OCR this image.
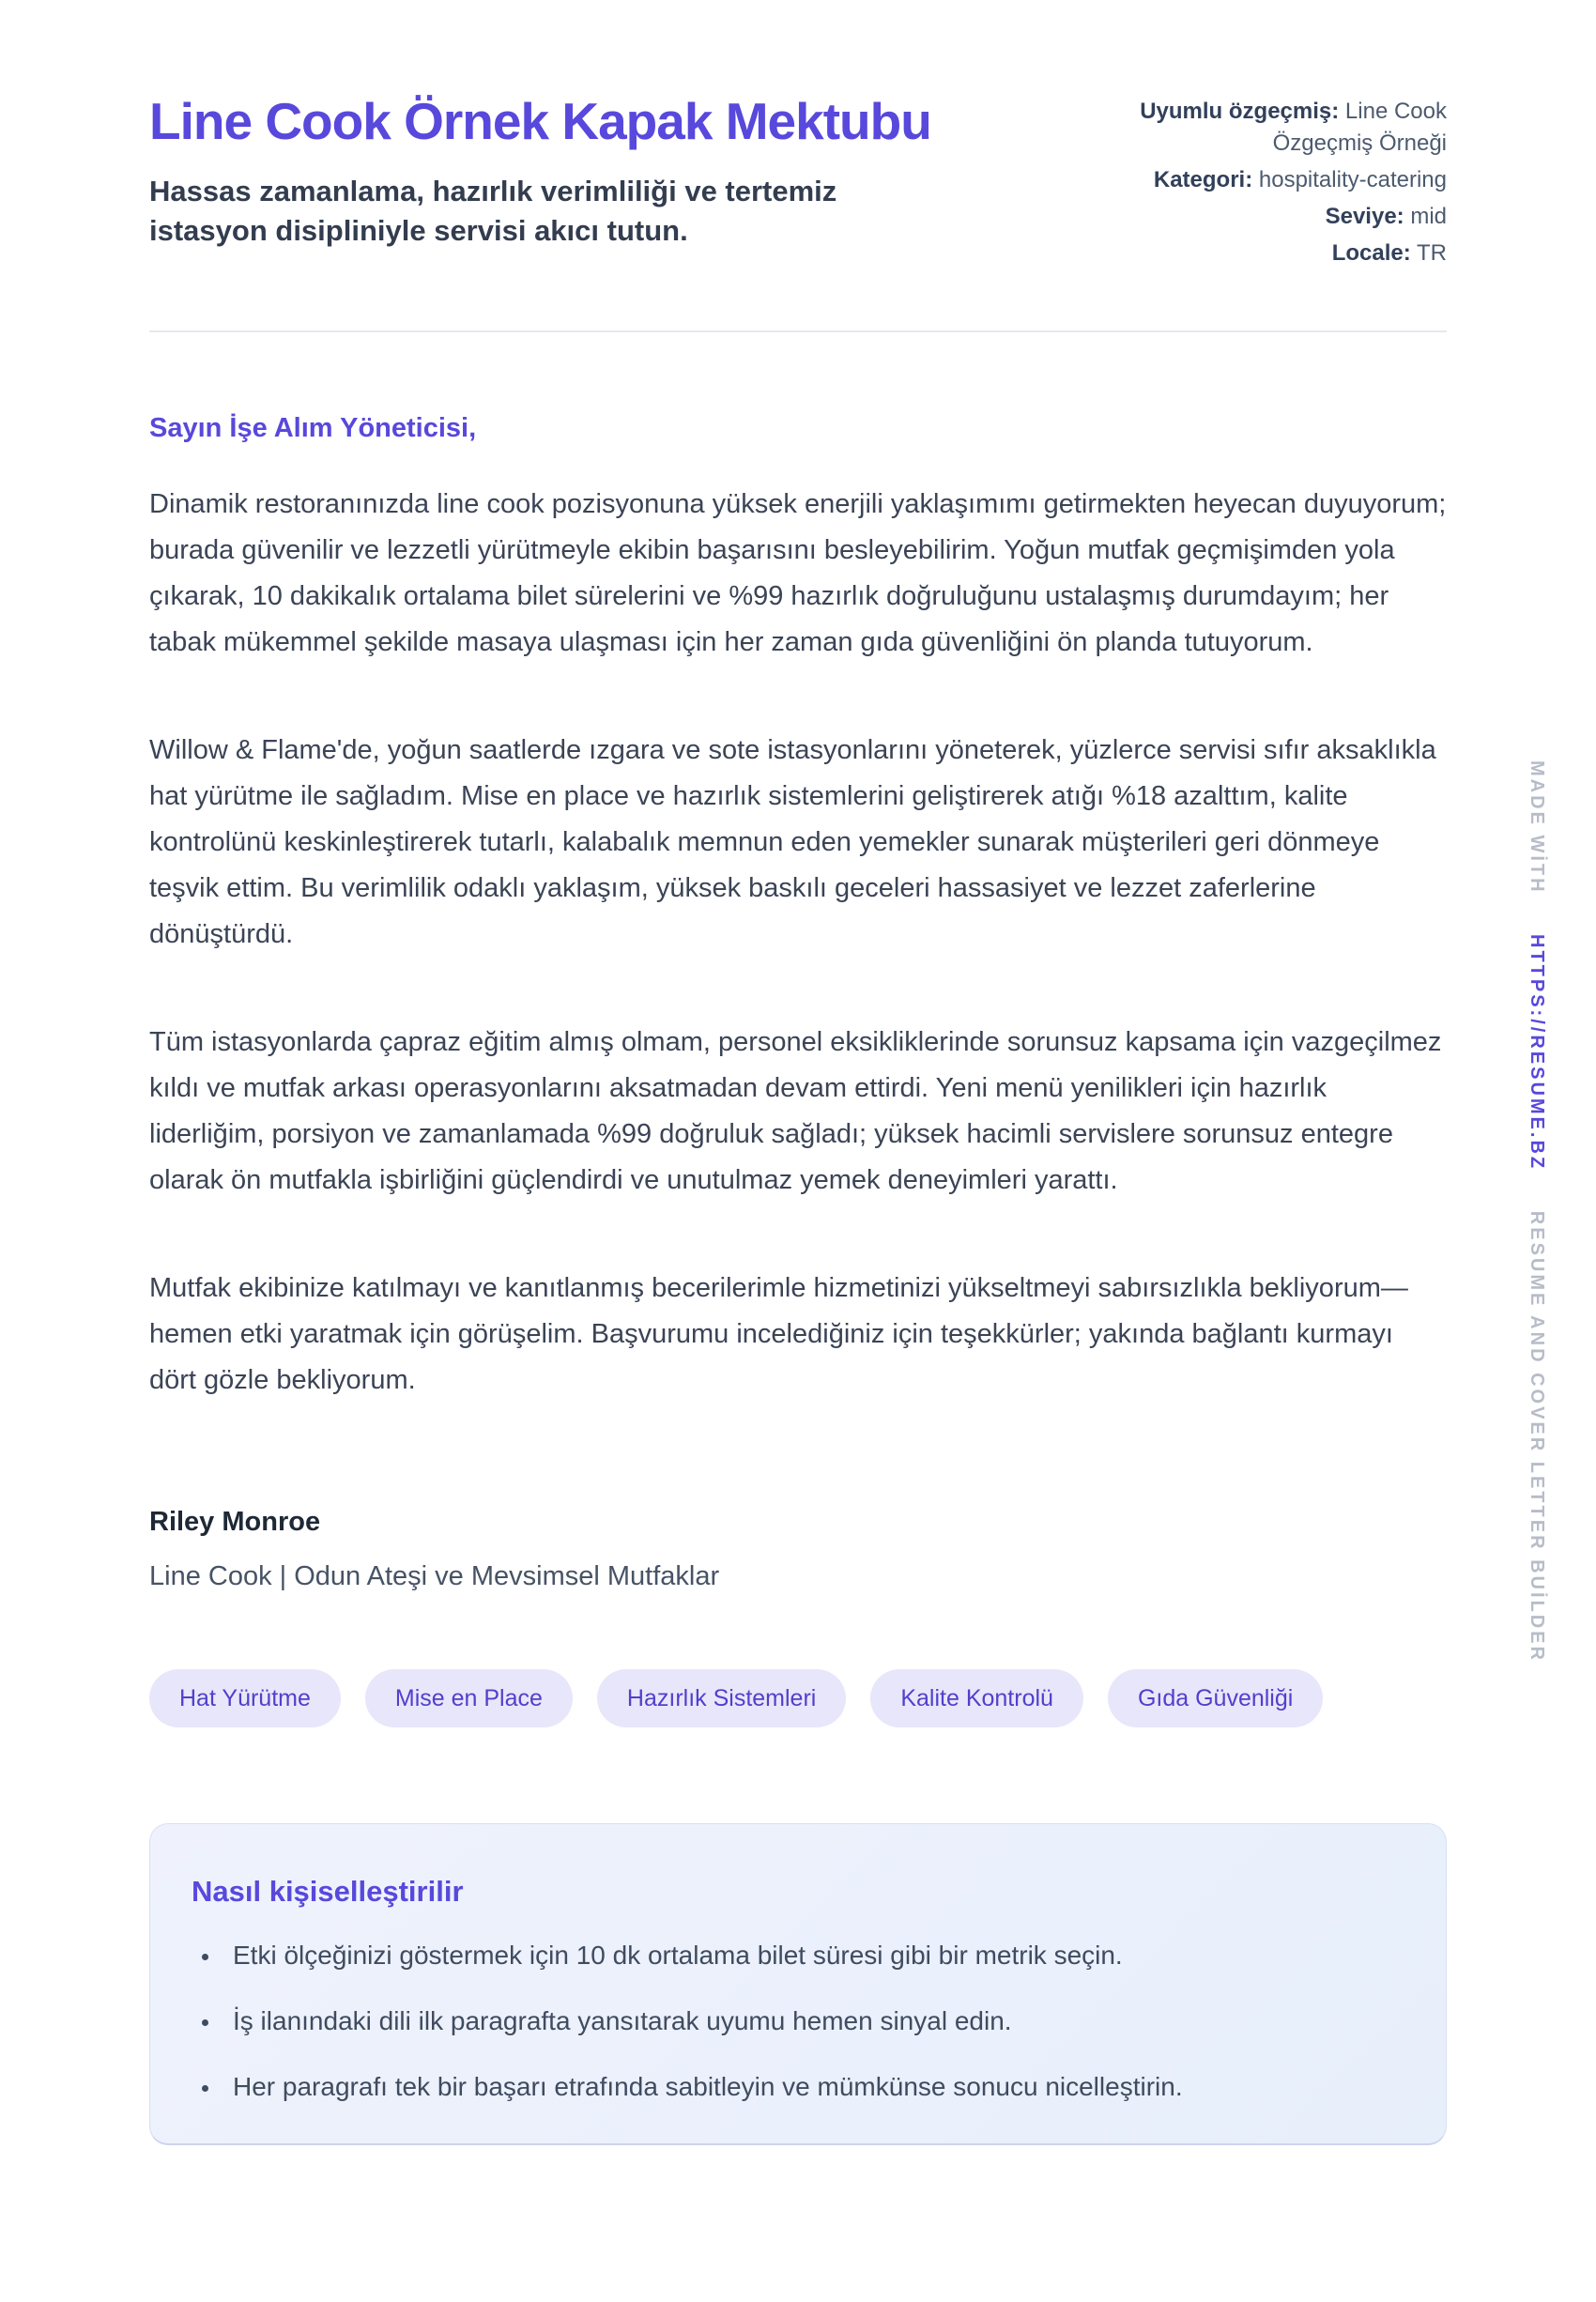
Line Cook Örnek Kapak Mektubu

Hassas zamanlama, hazırlık verimliliği ve tertemiz istasyon disipliniyle servisi akıcı tutun.

Uyumlu özgeçmiş: Line Cook Özgeçmiş Örneği
Kategori: hospitality-catering
Seviye: mid
Locale: TR

Sayın İşe Alım Yöneticisi,

Dinamik restoranınızda line cook pozisyonuna yüksek enerjili yaklaşımımı getirmekten heyecan duyuyorum; burada güvenilir ve lezzetli yürütmeyle ekibin başarısını besleyebilirim. Yoğun mutfak geçmişimden yola çıkarak, 10 dakikalık ortalama bilet sürelerini ve %99 hazırlık doğruluğunu ustalaşmış durumdayım; her tabak mükemmel şekilde masaya ulaşması için her zaman gıda güvenliğini ön planda tutuyorum.

Willow & Flame'de, yoğun saatlerde ızgara ve sote istasyonlarını yöneterek, yüzlerce servisi sıfır aksaklıkla hat yürütme ile sağladım. Mise en place ve hazırlık sistemlerini geliştirerek atığı %18 azalttım, kalite kontrolünü keskinleştirerek tutarlı, kalabalık memnun eden yemekler sunarak müşterileri geri dönmeye teşvik ettim. Bu verimlilik odaklı yaklaşım, yüksek baskılı geceleri hassasiyet ve lezzet zaferlerine dönüştürdü.

Tüm istasyonlarda çapraz eğitim almış olmam, personel eksikliklerinde sorunsuz kapsama için vazgeçilmez kıldı ve mutfak arkası operasyonlarını aksatmadan devam ettirdi. Yeni menü yenilikleri için hazırlık liderliğim, porsiyon ve zamanlamada %99 doğruluk sağladı; yüksek hacimli servislere sorunsuz entegre olarak ön mutfakla işbirliğini güçlendirdi ve unutulmaz yemek deneyimleri yarattı.

Mutfak ekibinize katılmayı ve kanıtlanmış becerilerimle hizmetinizi yükseltmeyi sabırsızlıkla bekliyorum—hemen etki yaratmak için görüşelim. Başvurumu incelediğiniz için teşekkürler; yakında bağlantı kurmayı dört gözle bekliyorum.

Riley Monroe

Line Cook | Odun Ateşi ve Mevsimsel Mutfaklar

Hat Yürütme	Mise en Place	Hazırlık Sistemleri	Kalite Kontrolü	Gıda Güvenliği
Nasıl kişiselleştirilir
• Etki ölçeğinizi göstermek için 10 dk ortalama bilet süresi gibi bir metrik seçin.
• İş ilanındaki dili ilk paragrafta yansıtarak uyumu hemen sinyal edin.
• Her paragrafı tek bir başarı etrafında sabitleyin ve mümkünse sonucu nicelleştirin.
MADE WİTH HTTPS://RESUME.BZ RESUME AND COVER LETTER BUİLDER
